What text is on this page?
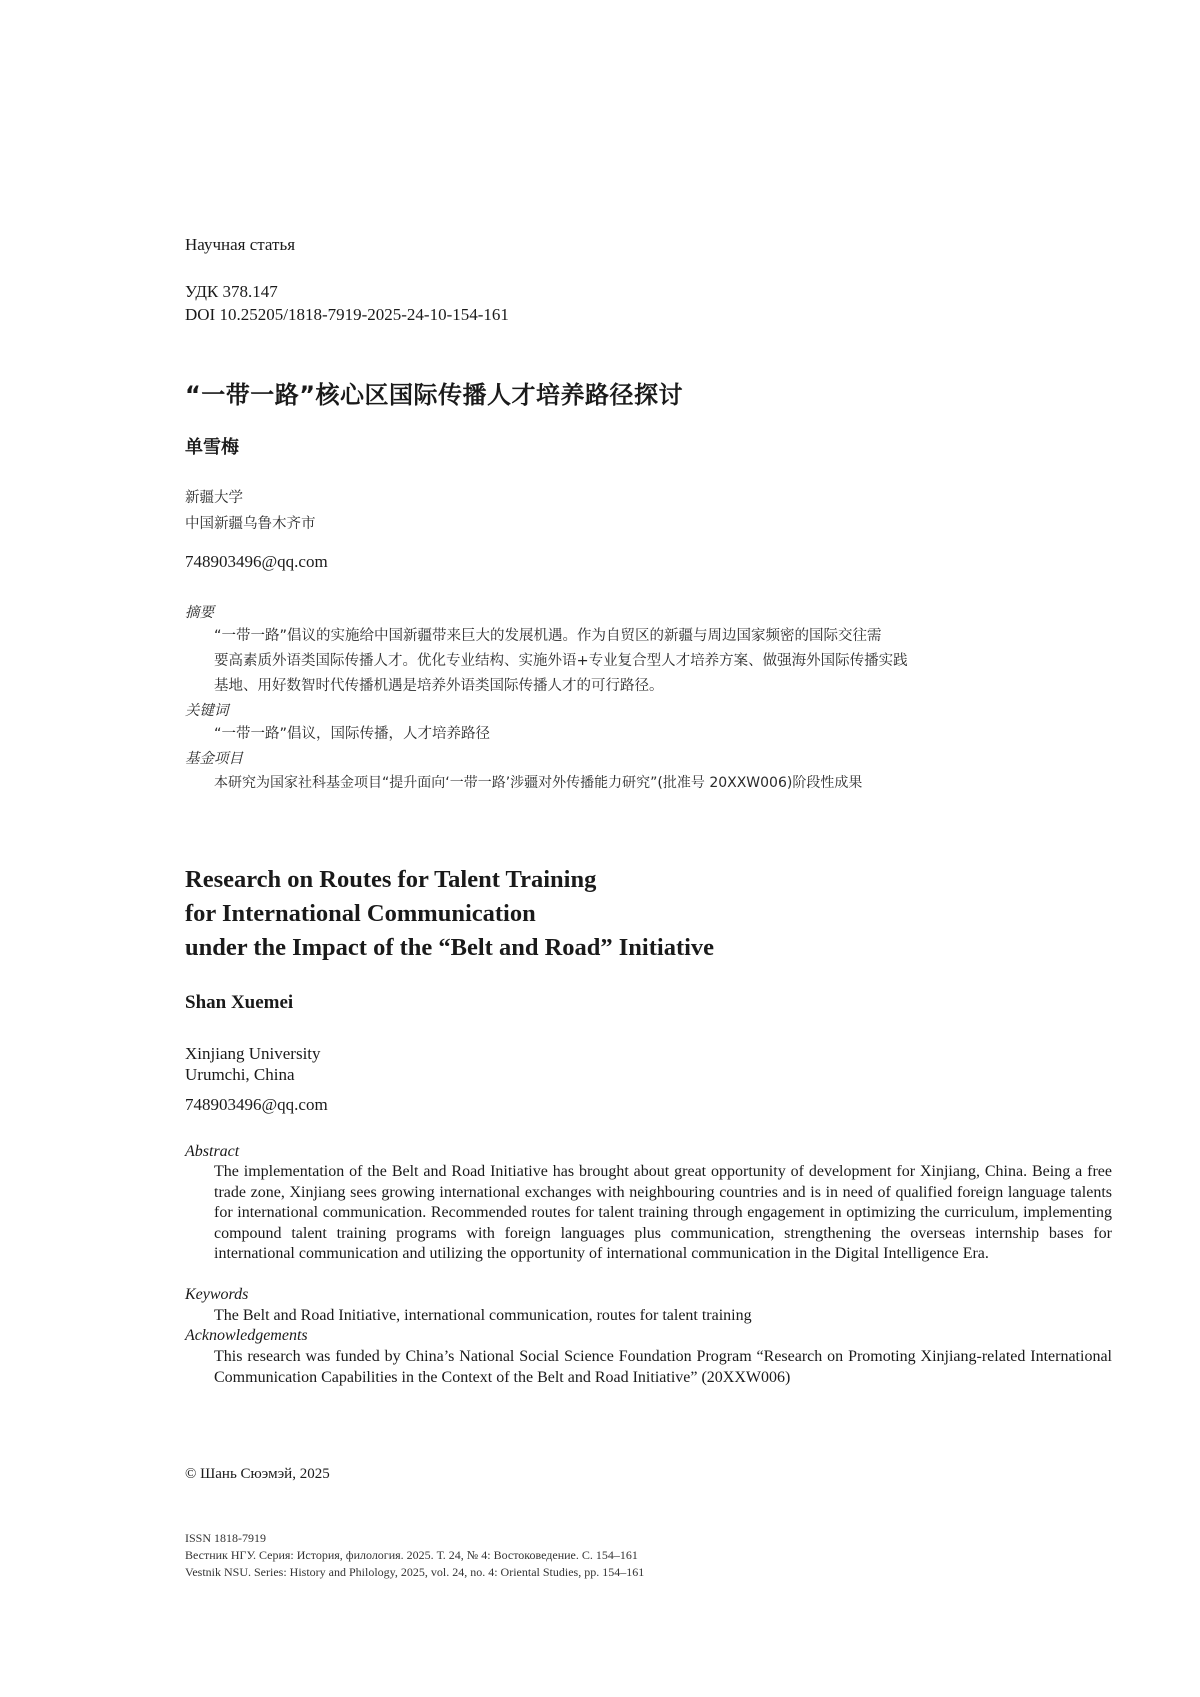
Научная статья
УДК 378.147
DOI 10.25205/1818-7919-2025-24-10-154-161
“一带一路”核心区国际传播人才培养路径探讨
单雪梅
新疆大学
中国新疆乌鲁木齐市
748903496@qq.com
摘要
“一带一路”倡议的实施给中国新疆带来巨大的发展机遇。作为自贸区的新疆与周边国家频密的国际交往需
要高素质外语类国际传播人才。优化专业结构、实施外语+专业复合型人才培养方案、做强海外国际传播实践
基地、用好数智时代传播机遇是培养外语类国际传播人才的可行路径。
关键词
“一带一路”倡议，国际传播，人才培养路径
基金项目
本研究为国家社科基金项目“提升面向‘一带一路’涉疆对外传播能力研究”(批准号 20XXW006)阶段性成果
Research on Routes for Talent Training
for International Communication
under the Impact of the “Belt and Road” Initiative
Shan Xuemei
Xinjiang University
Urumchi, China
748903496@qq.com
Abstract
The implementation of the Belt and Road Initiative has brought about great opportunity of development for Xinjiang, China. Being a free trade zone, Xinjiang sees growing international exchanges with neighbouring countries and is in need of qualified foreign language talents for international communication. Recommended routes for talent training through engagement in optimizing the curriculum, implementing compound talent training programs with foreign languages plus communication, strengthening the overseas internship bases for international communication and utilizing the opportunity of international communication in the Digital Intelligence Era.
Keywords
The Belt and Road Initiative, international communication, routes for talent training
Acknowledgements
This research was funded by China’s National Social Science Foundation Program “Research on Promoting Xinjiang-related International Communication Capabilities in the Context of the Belt and Road Initiative” (20XXW006)
© Шань Сюэмэй, 2025
ISSN 1818-7919
Вестник НГУ. Серия: История, филология. 2025. Т. 24, № 4: Востоковедение. С. 154–161
Vestnik NSU. Series: History and Philology, 2025, vol. 24, no. 4: Oriental Studies, pp. 154–161
